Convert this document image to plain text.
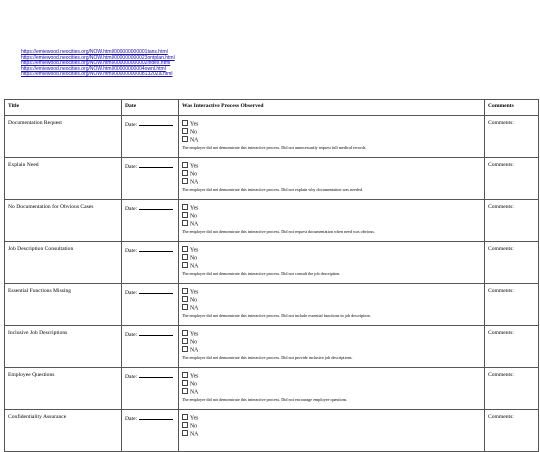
https://emiewood.neocities.org/NOW.html/000000000001tans.html
https://emiewood.neocities.org/NOW.html/000000000023ontplan.html
https://emiewood.neocities.org/NOW.html/000000000002index.html
https://emiewood.neocities.org/NOW.html/00000000004ownl.html
https://emiewood.neocities.org/NOW.html/000000000081320Za.html
Title	Date	Was Interactive Process Observed	Comments
Documentation Request	Date:	Yes
No
NA
The employer did not demonstrate this interactive process. Did not unnecessarily request full medical records.	Comments:
Explain Need	Date:	Yes
No
NA
The employer did not demonstrate this interactive process. Did not explain why documentation was needed.	Comments:
No Documentation for Obvious Cases	Date:	Yes
No
NA
The employer did not demonstrate this interactive process. Did not request documentation when need was obvious.	Comments:
Job Description Consultation	Date:	Yes
No
NA
The employer did not demonstrate this interactive process. Did not consult the job description.	Comments:
Essential Functions Missing	Date:	Yes
No
NA
The employer did not demonstrate this interactive process. Did not include essential functions in job description.	Comments:
Inclusive Job Descriptions	Date:	Yes
No
NA
The employer did not demonstrate this interactive process. Did not provide inclusive job descriptions.	Comments:
Employee Questions	Date:	Yes
No
NA
The employer did not demonstrate this interactive process. Did not encourage employee questions.	Comments:
Confidentiality Assurance	Date:	Yes
No
NA	Comments:
